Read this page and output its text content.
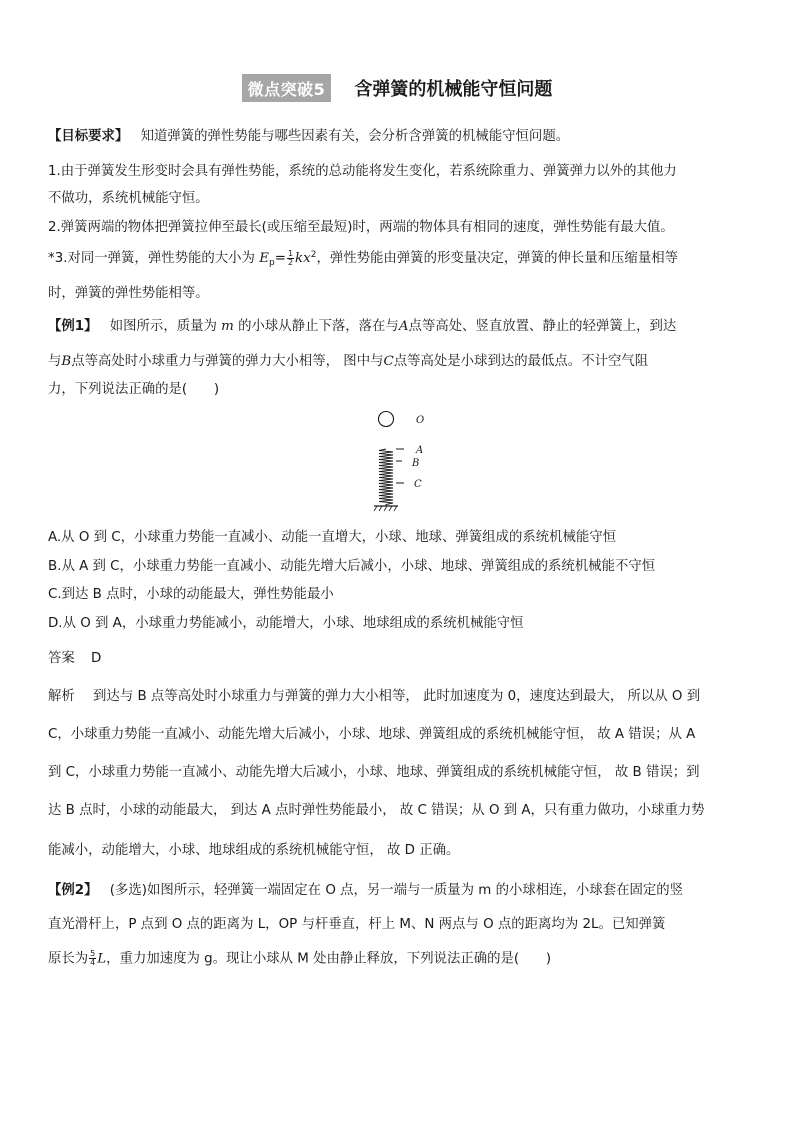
微点突破5 含弹簧的机械能守恒问题
【目标要求】 知道弹簧的弹性势能与哪些因素有关，会分析含弹簧的机械能守恒问题。
1.由于弹簧发生形变时会具有弹性势能，系统的总动能将发生变化，若系统除重力、弹簧弹力以外的其他力
不做功，系统机械能守恒。
2.弹簧两端的物体把弹簧拉伸至最长(或压缩至最短)时，两端的物体具有相同的速度，弹性势能有最大值。
*3.对同一弹簧，弹性势能的大小为 $E_p= \frac{1}{2} kx^2$，弹性势能由弹簧的形变量决定，弹簧的伸长量和压缩量相等
时，弹簧的弹性势能相等。
【例1】 如图所示，质量为 m 的小球从静止下落，落在与A点等高处、竖直放置、静止的轻弹簧上，到达
与B点等高处时小球重力与弹簧的弹力大小相等， 图中与C点等高处是小球到达的最低点。不计空气阻
力，下列说法正确的是(　　)
O
A
B
C
A.从 O 到 C，小球重力势能一直减小、动能一直增大，小球、地球、弹簧组成的系统机械能守恒
B.从 A 到 C，小球重力势能一直减小、动能先增大后减小，小球、地球、弹簧组成的系统机械能不守恒
C.到达 B 点时，小球的动能最大，弹性势能最小
D.从 O 到 A，小球重力势能减小，动能增大，小球、地球组成的系统机械能守恒
答案 D
解析 到达与 B 点等高处时小球重力与弹簧的弹力大小相等， 此时加速度为 0，速度达到最大， 所以从 O 到
C，小球重力势能一直减小、动能先增大后减小，小球、地球、弹簧组成的系统机械能守恒， 故 A 错误；从 A
到 C，小球重力势能一直减小、动能先增大后减小，小球、地球、弹簧组成的系统机械能守恒， 故 B 错误；到
达 B 点时，小球的动能最大， 到达 A 点时弹性势能最小， 故 C 错误；从 O 到 A，只有重力做功，小球重力势
能减小，动能增大，小球、地球组成的系统机械能守恒， 故 D 正确。
【例2】 (多选)如图所示，轻弹簧一端固定在 O 点，另一端与一质量为 m 的小球相连，小球套在固定的竖
直光滑杆上，P 点到 O 点的距离为 L，OP 与杆垂直，杆上 M、N 两点与 O 点的距离均为 2L。已知弹簧
原长为 $\frac{5}{4}$ L，重力加速度为 g。现让小球从 M 处由静止释放，下列说法正确的是(　　)
